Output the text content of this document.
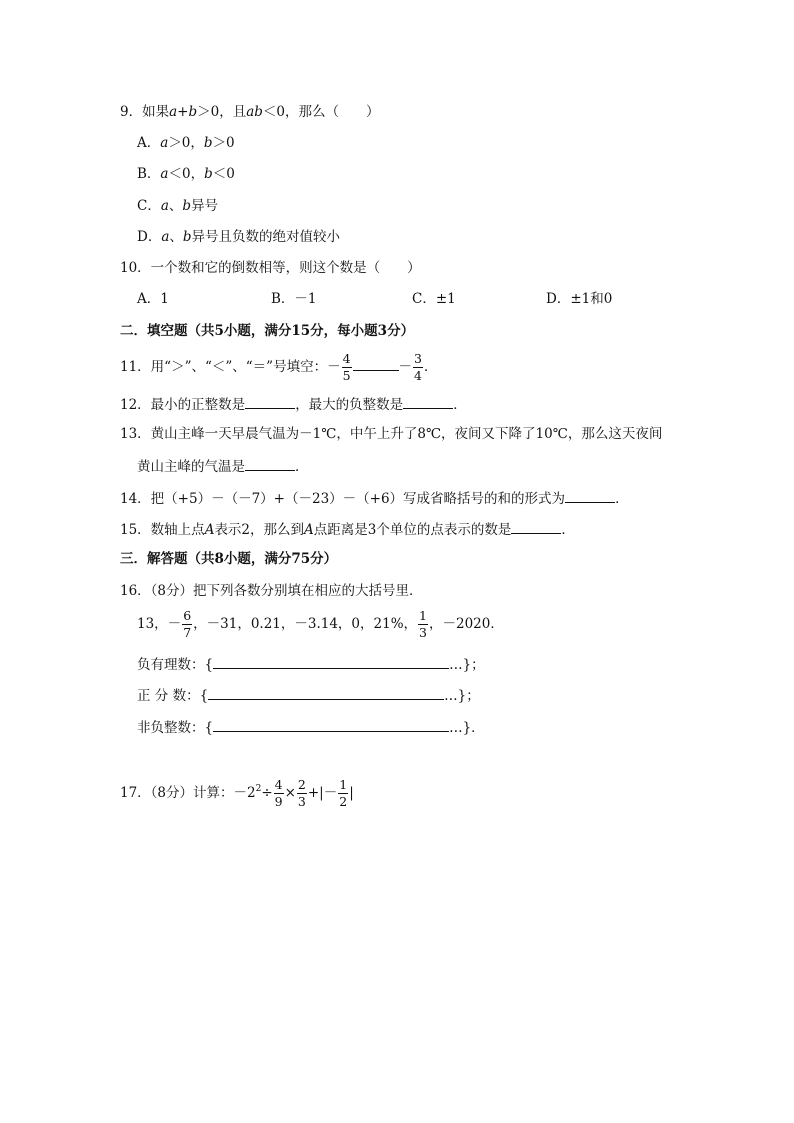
9．如果a+b＞0，且ab＜0，那么（　　）
A．a＞0，b＞0
B．a＜0，b＜0
C．a、b异号
D．a、b异号且负数的绝对值较小
10．一个数和它的倒数相等，则这个数是（　　）
A．1	B．－1	C．±1	D．±1和0
二．填空题（共5小题，满分15分，每小题3分）
11．用“＞”、“＜”、“＝”号填空：－ $\frac{4}{5}$	－ $\frac{3}{4}$ ．
12．最小的正整数是	，最大的负整数是	．
13．黄山主峰一天早晨气温为－1℃，中午上升了8℃，夜间又下降了10℃，那么这天夜间
黄山主峰的气温是	．
14．把（+5）－（－7）+（－23）－（+6）写成省略括号的和的形式为	．
15．数轴上点A表示2，那么到A点距离是3个单位的点表示的数是	．
三．解答题（共8小题，满分75分）
16．（8分）把下列各数分别填在相应的大括号里．
13，－ $\frac{6}{7}$ ，－31，0.21，－3.14，0，21%， $\frac{1}{3}$ ，－2020．
负有理数：{	…}；
正 分 数：{	…}；
非负整数：{	…}．
17．（8分）计算：$-2^2\div \frac{4}{9} \times \frac{2}{3}$ +|－ $\frac{1}{2}$ |
